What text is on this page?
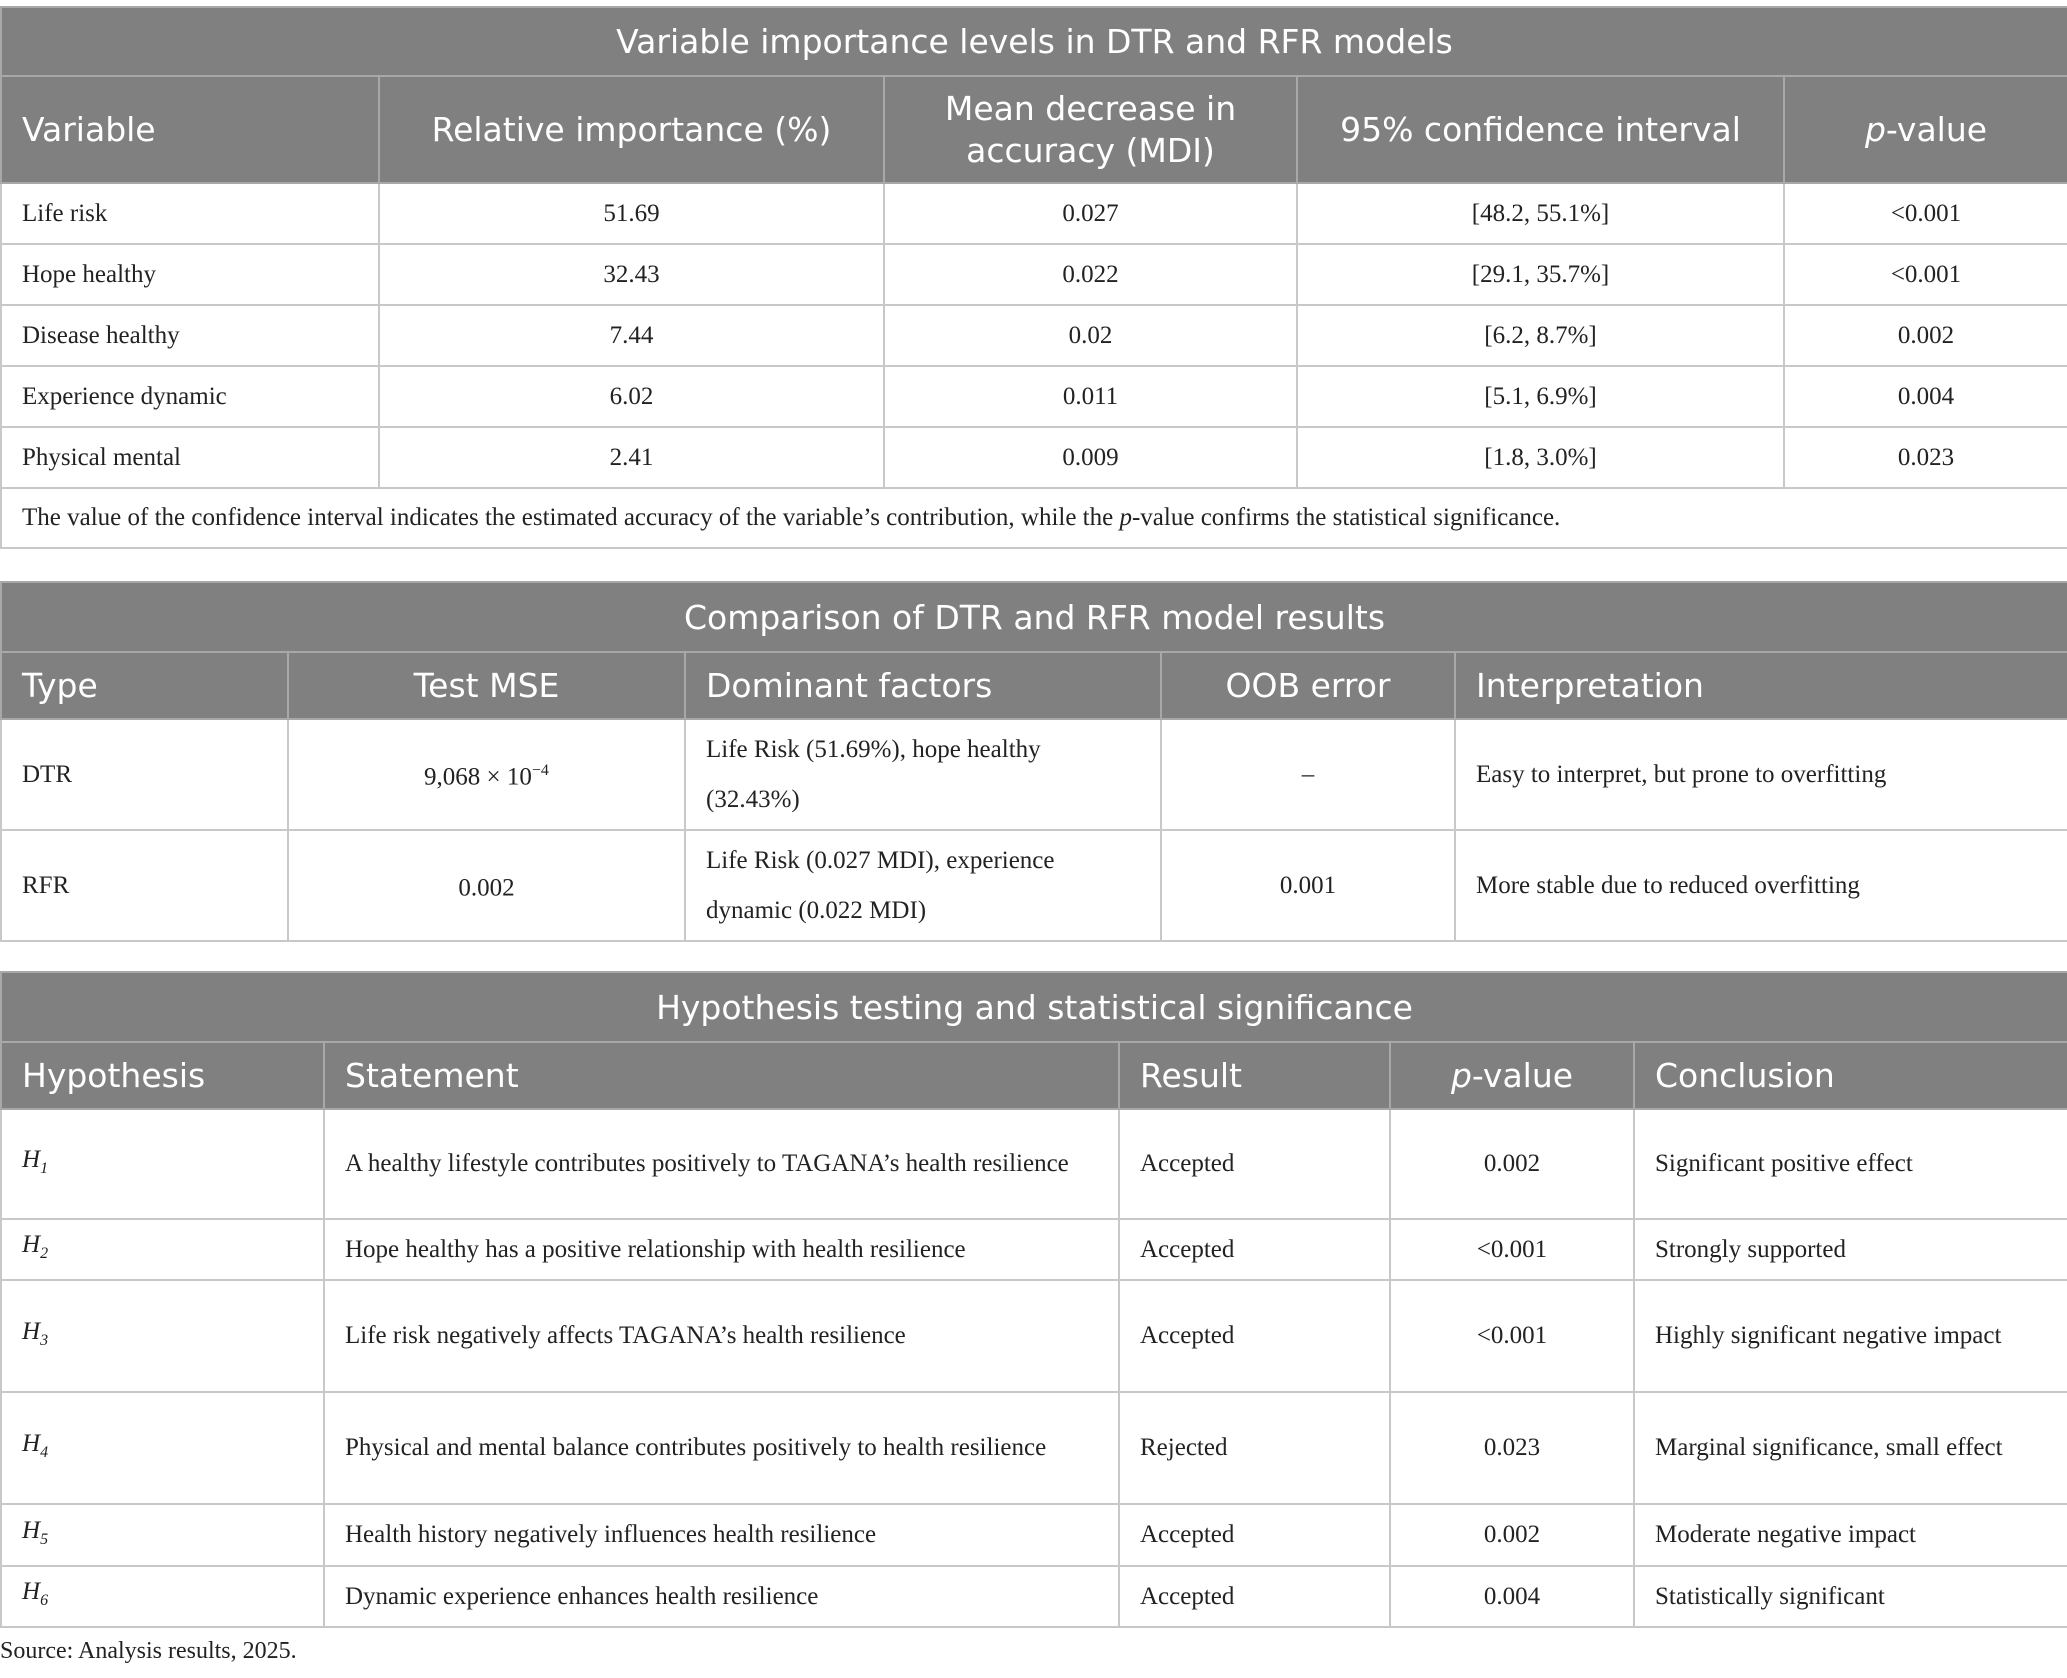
Variable importance levels in DTR and RFR models				
Variable	Relative importance (%)	Mean decrease in accuracy (MDI)	95% confidence interval	p-value
Life risk	51.69	0.027	[48.2, 55.1%]	<0.001
Hope healthy	32.43	0.022	[29.1, 35.7%]	<0.001
Disease healthy	7.44	0.02	[6.2, 8.7%]	0.002
Experience dynamic	6.02	0.011	[5.1, 6.9%]	0.004
Physical mental	2.41	0.009	[1.8, 3.0%]	0.023
The value of the confidence interval indicates the estimated accuracy of the variable’s contribution, while the p-value confirms the statistical significance.				
Comparison of DTR and RFR model results				
Type	Test MSE	Dominant factors	OOB error	Interpretation
DTR	$9,068 \times 10^{-4}$	Life Risk (51.69%), hope healthy (32.43%)	–	Easy to interpret, but prone to overfitting
RFR	0.002	Life Risk (0.027 MDI), experience dynamic (0.022 MDI)	0.001	More stable due to reduced overfitting
Hypothesis testing and statistical significance				
Hypothesis	Statement	Result	p-value	Conclusion
$H_1$	A healthy lifestyle contributes positively to TAGANA’s health resilience	Accepted	0.002	Significant positive effect
$H_2$	Hope healthy has a positive relationship with health resilience	Accepted	<0.001	Strongly supported
$H_3$	Life risk negatively affects TAGANA’s health resilience	Accepted	<0.001	Highly significant negative impact
$H_4$	Physical and mental balance contributes positively to health resilience	Rejected	0.023	Marginal significance, small effect
$H_5$	Health history negatively influences health resilience	Accepted	0.002	Moderate negative impact
$H_6$	Dynamic experience enhances health resilience	Accepted	0.004	Statistically significant
Source: Analysis results, 2025.
